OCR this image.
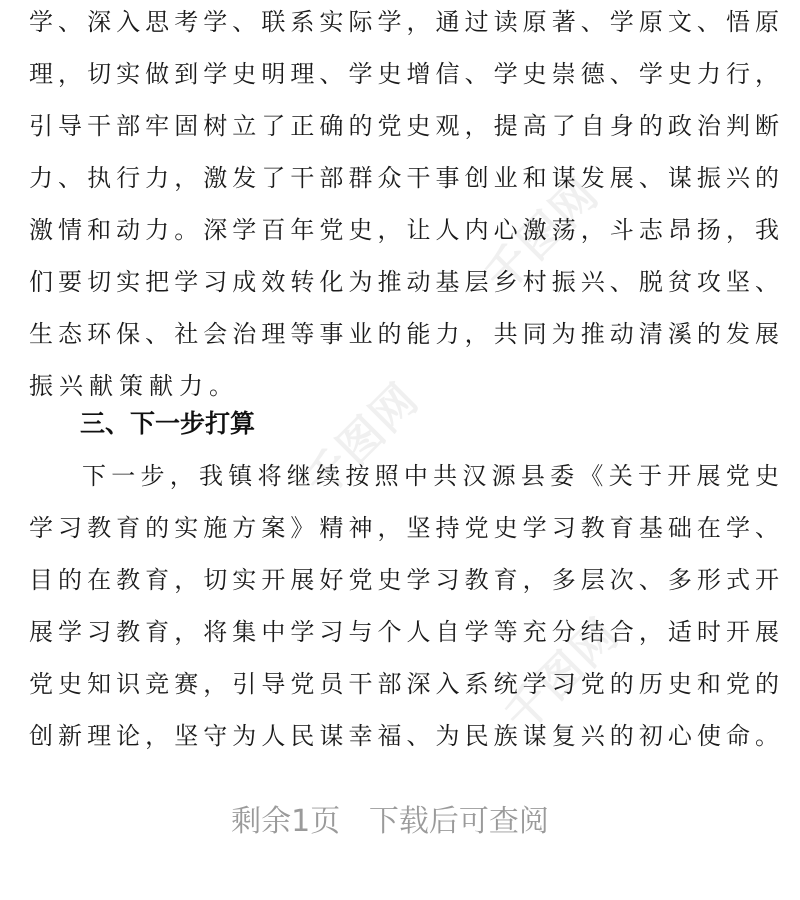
千图网
千图网
千图网
学、深入思考学、联系实际学，通过读原著、学原文、悟原
理，切实做到学史明理、学史增信、学史崇德、学史力行，
引导干部牢固树立了正确的党史观，提高了自身的政治判断
力、执行力，激发了干部群众干事创业和谋发展、谋振兴的
激情和动力。深学百年党史，让人内心激荡，斗志昂扬，我
们要切实把学习成效转化为推动基层乡村振兴、脱贫攻坚、
生态环保、社会治理等事业的能力，共同为推动清溪的发展
振兴献策献力。
三、下一步打算
下一步，我镇将继续按照中共汉源县委《关于开展党史
学习教育的实施方案》精神，坚持党史学习教育基础在学、
目的在教育，切实开展好党史学习教育，多层次、多形式开
展学习教育，将集中学习与个人自学等充分结合，适时开展
党史知识竞赛，引导党员干部深入系统学习党的历史和党的
创新理论，坚守为人民谋幸福、为民族谋复兴的初心使命。
剩余1页   下载后可查阅
